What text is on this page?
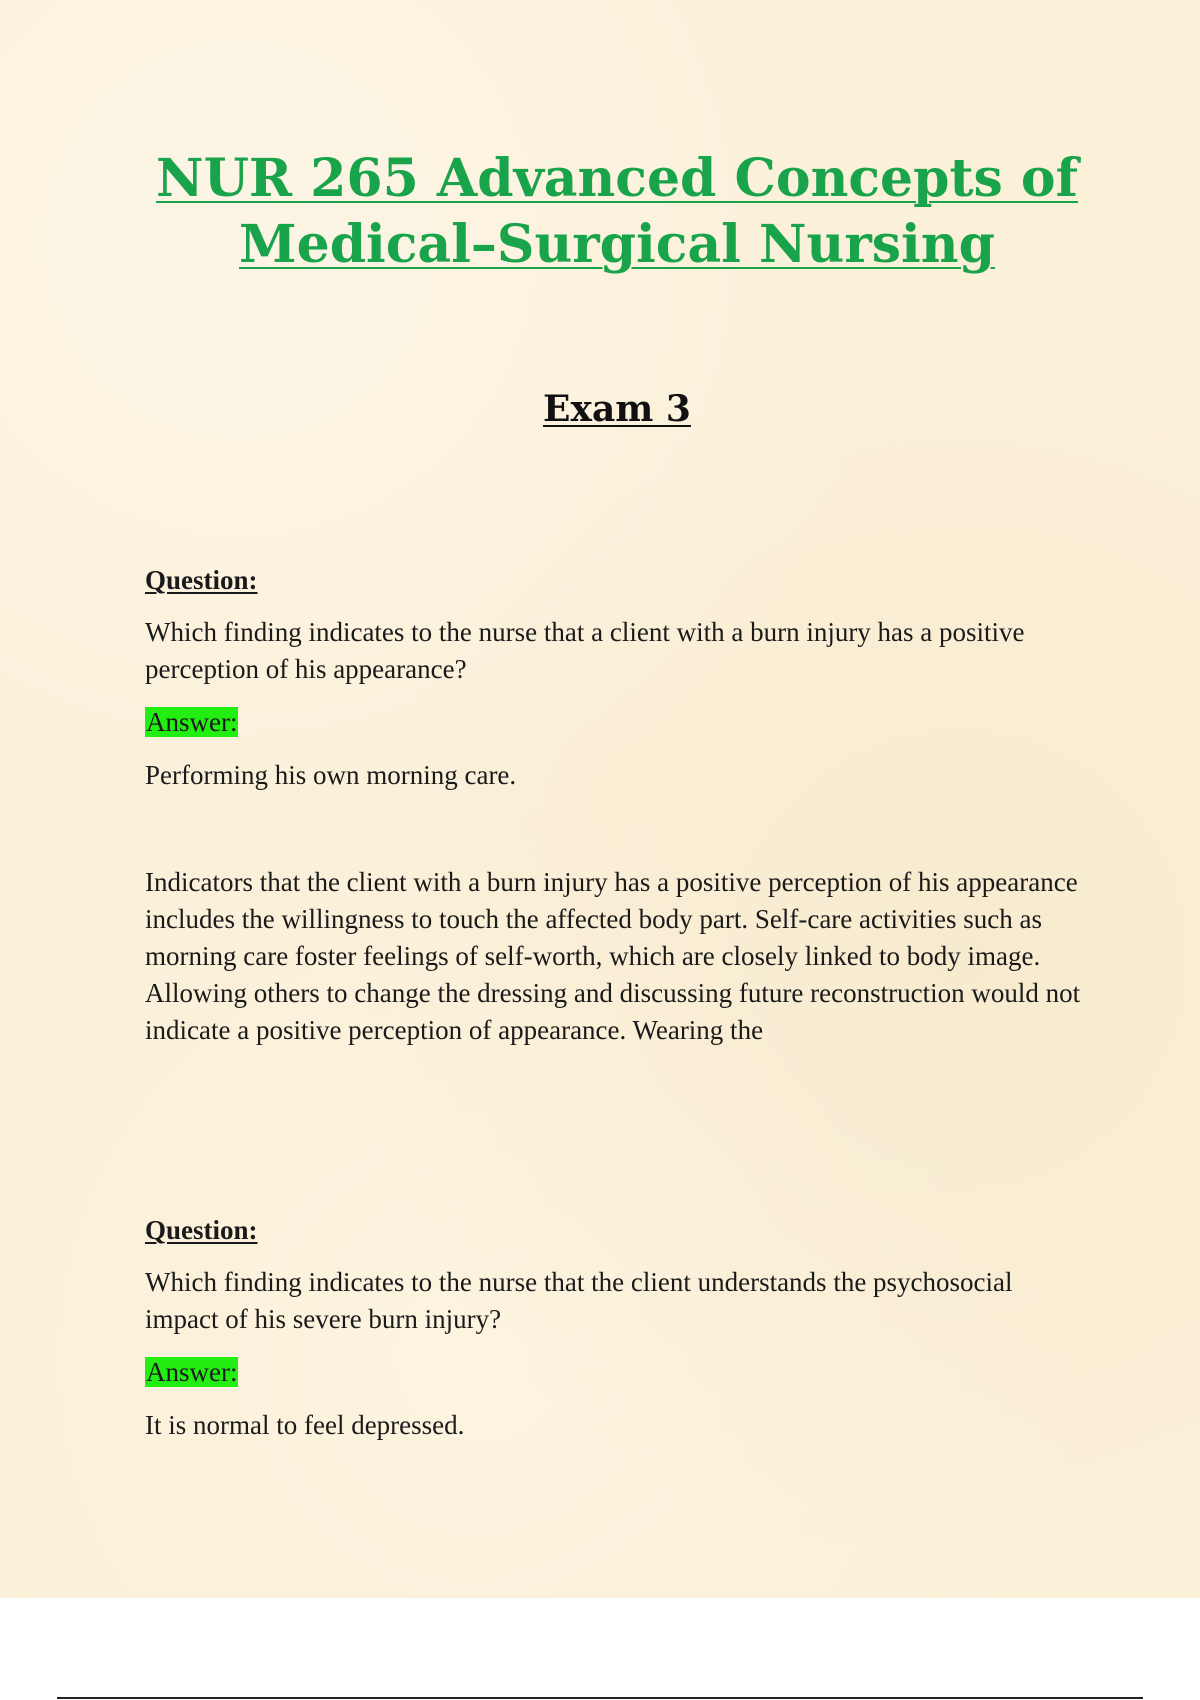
NUR 265 Advanced Concepts of
Medical–Surgical Nursing
Exam 3

Question:

Which finding indicates to the nurse that a client with a burn injury has a positive perception of his appearance?

Answer:

Performing his own morning care.

Indicators that the client with a burn injury has a positive perception of his appearance includes the willingness to touch the affected body part. Self-care activities such as morning care foster feelings of self-worth, which are closely linked to body image. Allowing others to change the dressing and discussing future reconstruction would not indicate a positive perception of appearance. Wearing the

Question:

Which finding indicates to the nurse that the client understands the psychosocial impact of his severe burn injury?

Answer:

It is normal to feel depressed.
